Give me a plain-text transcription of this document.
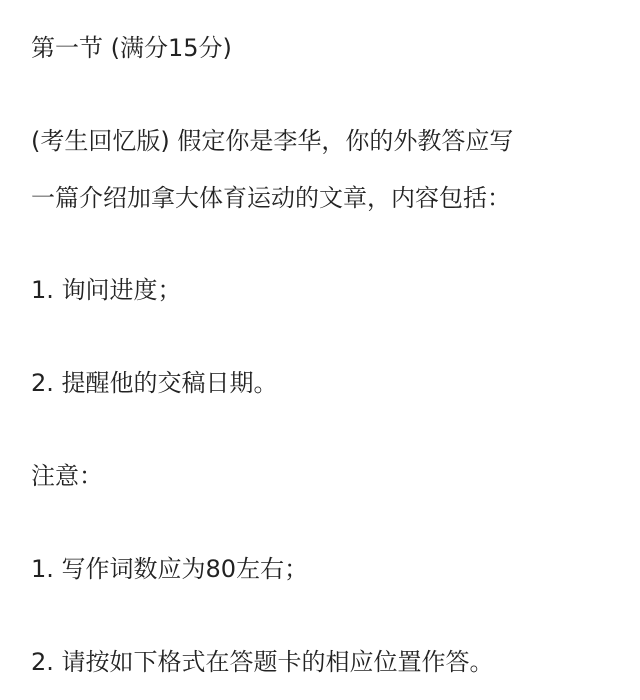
第一节 (满分15分)
(考生回忆版) 假定你是李华，你的外教答应写
一篇介绍加拿大体育运动的文章，内容包括：
1. 询问进度；
2. 提醒他的交稿日期。
注意：
1. 写作词数应为80左右；
2. 请按如下格式在答题卡的相应位置作答。
